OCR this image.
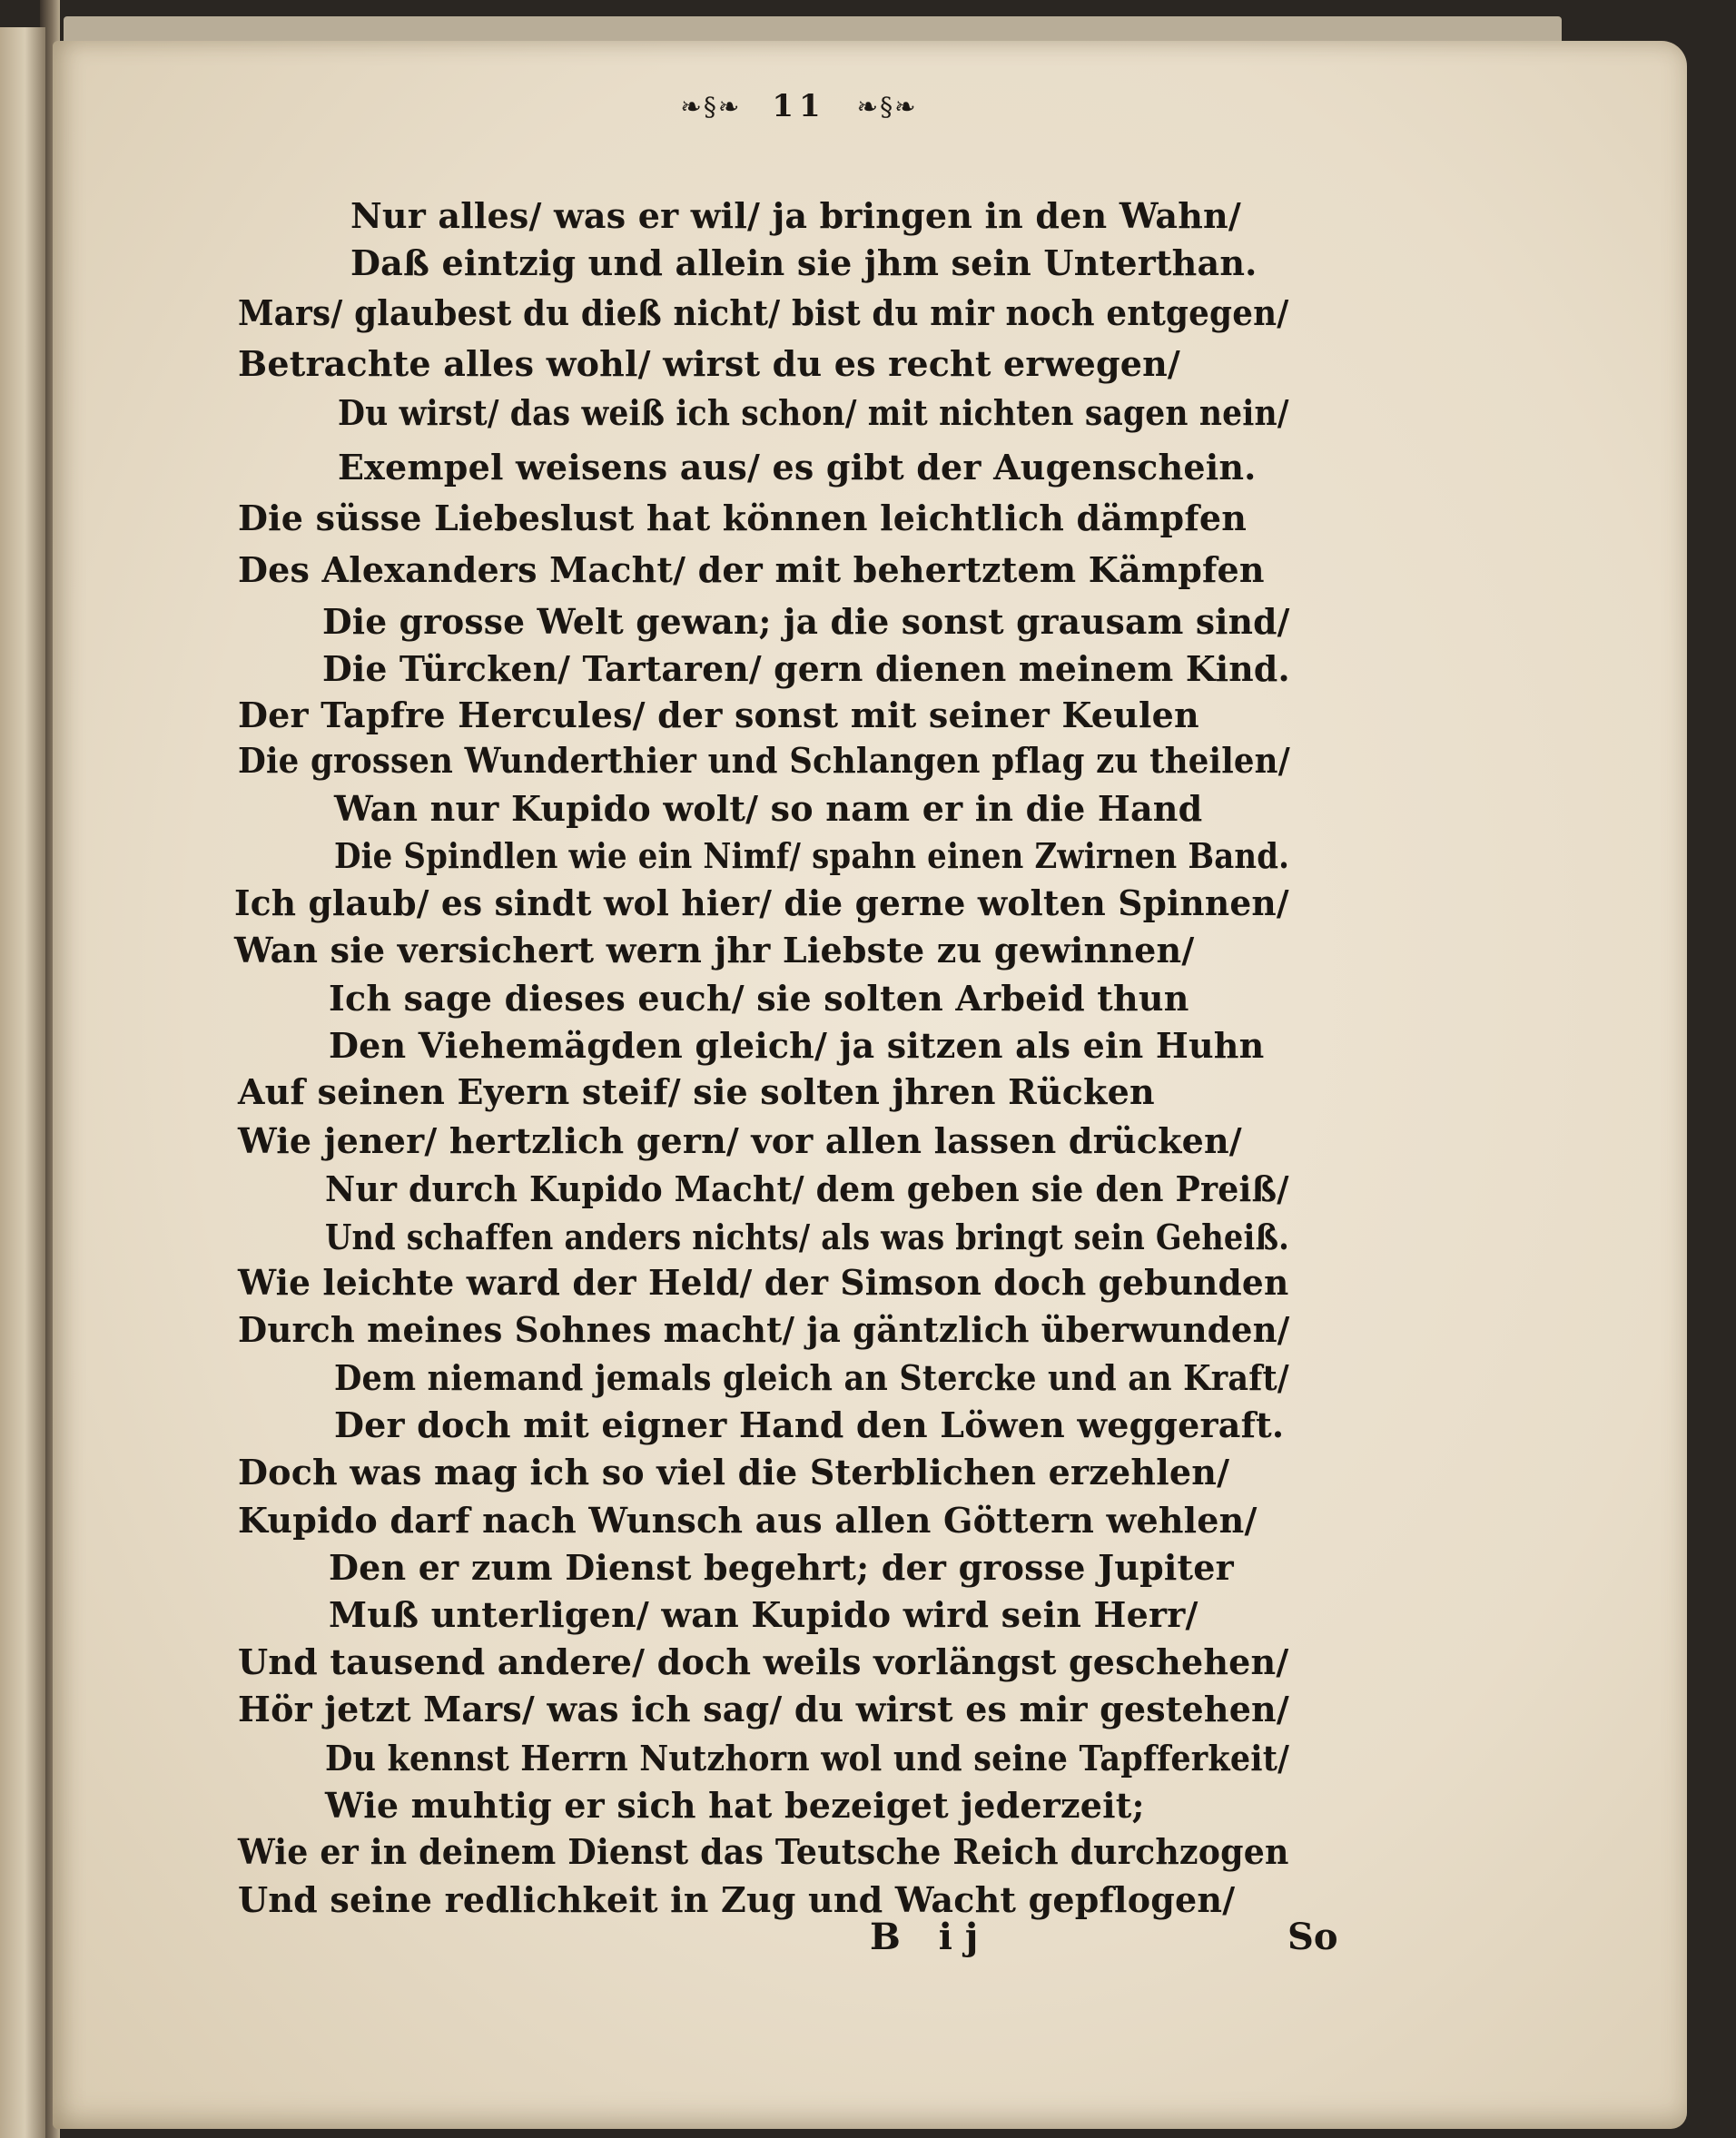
❧§❧ 11 ❧§❧
Nur alles/ was er wil/ ja bringen in den Wahn/
Daß eintzig und allein sie jhm sein Unterthan.
Mars/ glaubest du dieß nicht/ bist du mir noch entgegen/
Betrachte alles wohl/ wirst du es recht erwegen/
Du wirst/ das weiß ich schon/ mit nichten sagen nein/
Exempel weisens aus/ es gibt der Augenschein.
Die süsse Liebeslust hat können leichtlich dämpfen
Des Alexanders Macht/ der mit behertztem Kämpfen
Die grosse Welt gewan; ja die sonst grausam sind/
Die Türcken/ Tartaren/ gern dienen meinem Kind.
Der Tapfre Hercules/ der sonst mit seiner Keulen
Die grossen Wunderthier und Schlangen pflag zu theilen/
Wan nur Kupido wolt/ so nam er in die Hand
Die Spindlen wie ein Nimf/ spahn einen Zwirnen Band.
Ich glaub/ es sindt wol hier/ die gerne wolten Spinnen/
Wan sie versichert wern jhr Liebste zu gewinnen/
Ich sage dieses euch/ sie solten Arbeid thun
Den Viehemägden gleich/ ja sitzen als ein Huhn
Auf seinen Eyern steif/ sie solten jhren Rücken
Wie jener/ hertzlich gern/ vor allen lassen drücken/
Nur durch Kupido Macht/ dem geben sie den Preiß/
Und schaffen anders nichts/ als was bringt sein Geheiß.
Wie leichte ward der Held/ der Simson doch gebunden
Durch meines Sohnes macht/ ja gäntzlich überwunden/
Dem niemand jemals gleich an Stercke und an Kraft/
Der doch mit eigner Hand den Löwen weggeraft.
Doch was mag ich so viel die Sterblichen erzehlen/
Kupido darf nach Wunsch aus allen Göttern wehlen/
Den er zum Dienst begehrt; der grosse Jupiter
Muß unterligen/ wan Kupido wird sein Herr/
Und tausend andere/ doch weils vorlängst geschehen/
Hör jetzt Mars/ was ich sag/ du wirst es mir gestehen/
Du kennst Herrn Nutzhorn wol und seine Tapfferkeit/
Wie muhtig er sich hat bezeiget jederzeit;
Wie er in deinem Dienst das Teutsche Reich durchzogen
Und seine redlichkeit in Zug und Wacht gepflogen/
B ij	So
